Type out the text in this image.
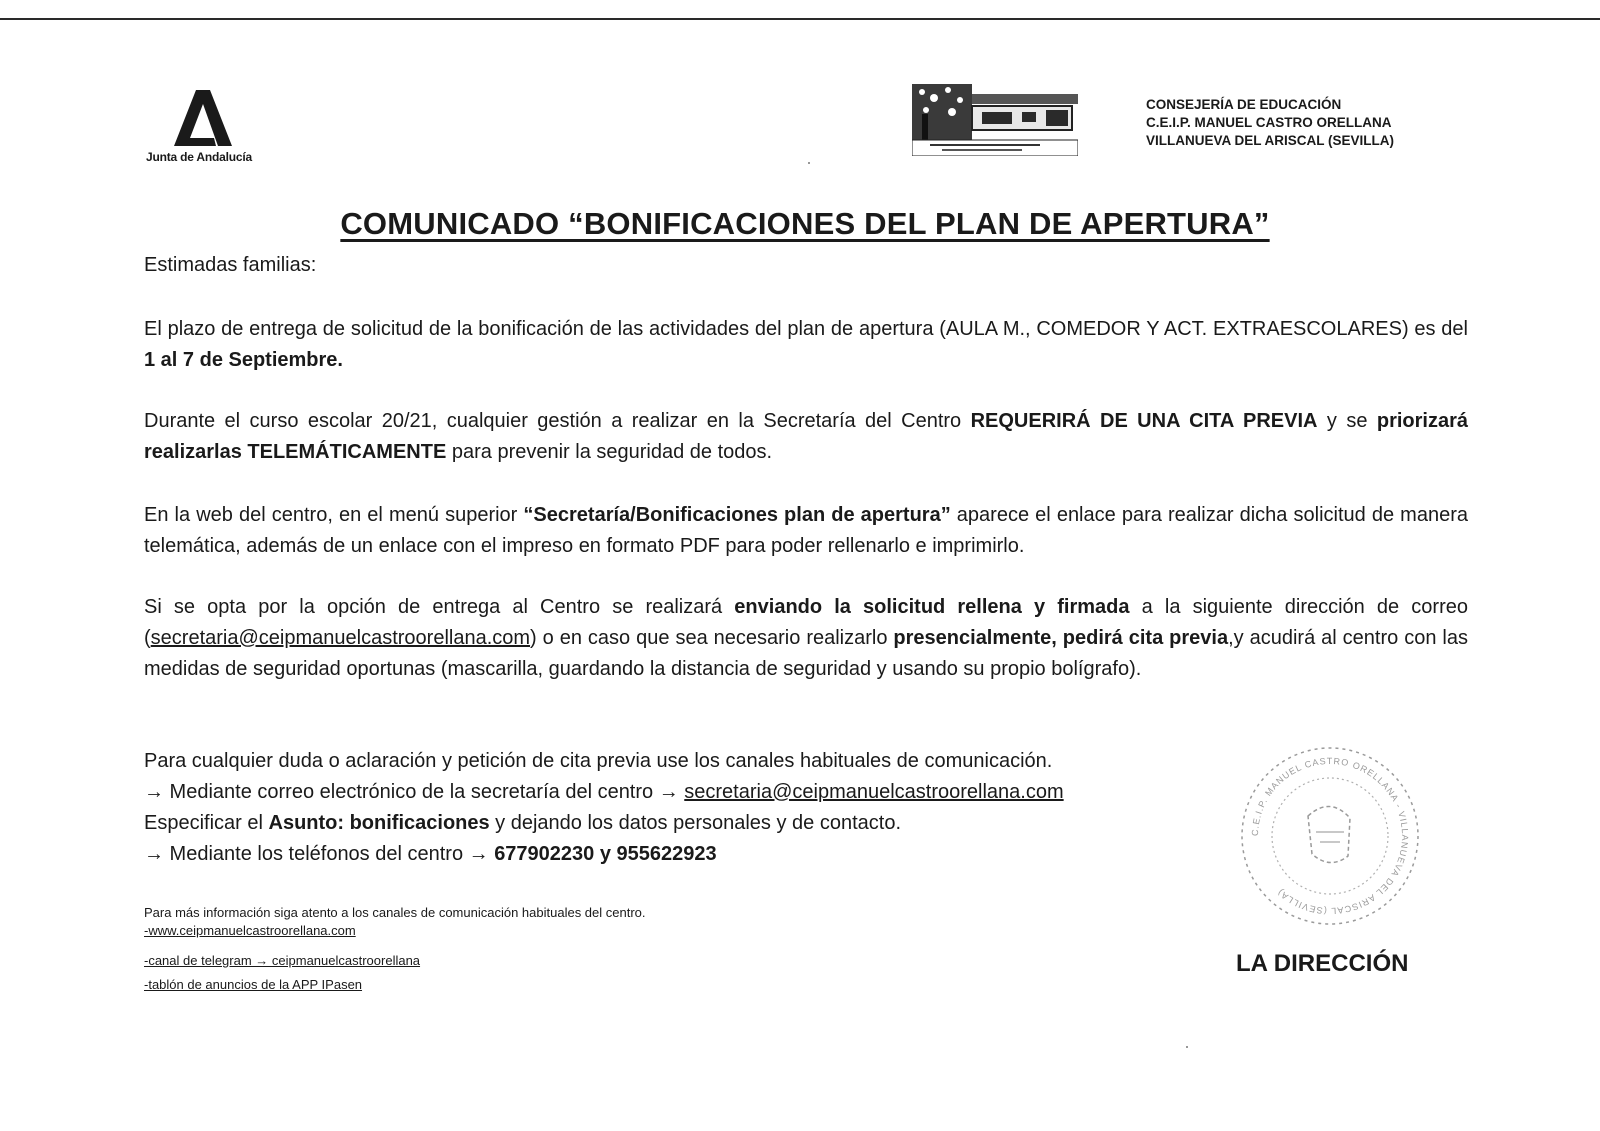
Junta de Andalucía
CONSEJERÍA DE EDUCACIÓN
C.E.I.P. MANUEL CASTRO ORELLANA
VILLANUEVA DEL ARISCAL (SEVILLA)
COMUNICADO “BONIFICACIONES DEL PLAN DE APERTURA”
Estimadas familias:
El plazo de entrega de solicitud de la bonificación de las actividades del plan de apertura (AULA M., COMEDOR Y ACT. EXTRAESCOLARES) es del 1 al 7 de Septiembre.
Durante el curso escolar 20/21, cualquier gestión a realizar en la Secretaría del Centro REQUERIRÁ DE UNA CITA PREVIA y se priorizará realizarlas TELEMÁTICAMENTE para prevenir la seguridad de todos.
En la web del centro, en el menú superior “Secretaría/Bonificaciones plan de apertura” aparece el enlace para realizar dicha solicitud de manera telemática, además de un enlace con el impreso en formato PDF para poder rellenarlo e imprimirlo.
Si se opta por la opción de entrega al Centro se realizará enviando la solicitud rellena y firmada a la siguiente dirección de correo (secretaria@ceipmanuelcastroorellana.com) o en caso que sea necesario realizarlo presencialmente, pedirá cita previa,y acudirá al centro con las medidas de seguridad oportunas (mascarilla, guardando la distancia de seguridad y usando su propio bolígrafo).
Para cualquier duda o aclaración y petición de cita previa use los canales habituales de comunicación.
→ Mediante correo electrónico de la secretaría del centro → secretaria@ceipmanuelcastroorellana.com
Especificar el Asunto: bonificaciones y dejando los datos personales y de contacto.
→ Mediante los teléfonos del centro → 677902230 y 955622923
Para más información siga atento a los canales de comunicación habituales del centro.
-www.ceipmanuelcastroorellana.com
-canal de telegram → ceipmanuelcastroorellana
-tablón de anuncios de la APP IPasen
C.E.I.P. MANUEL CASTRO ORELLANA - VILLANUEVA DEL ARISCAL (SEVILLA)
LA DIRECCIÓN
